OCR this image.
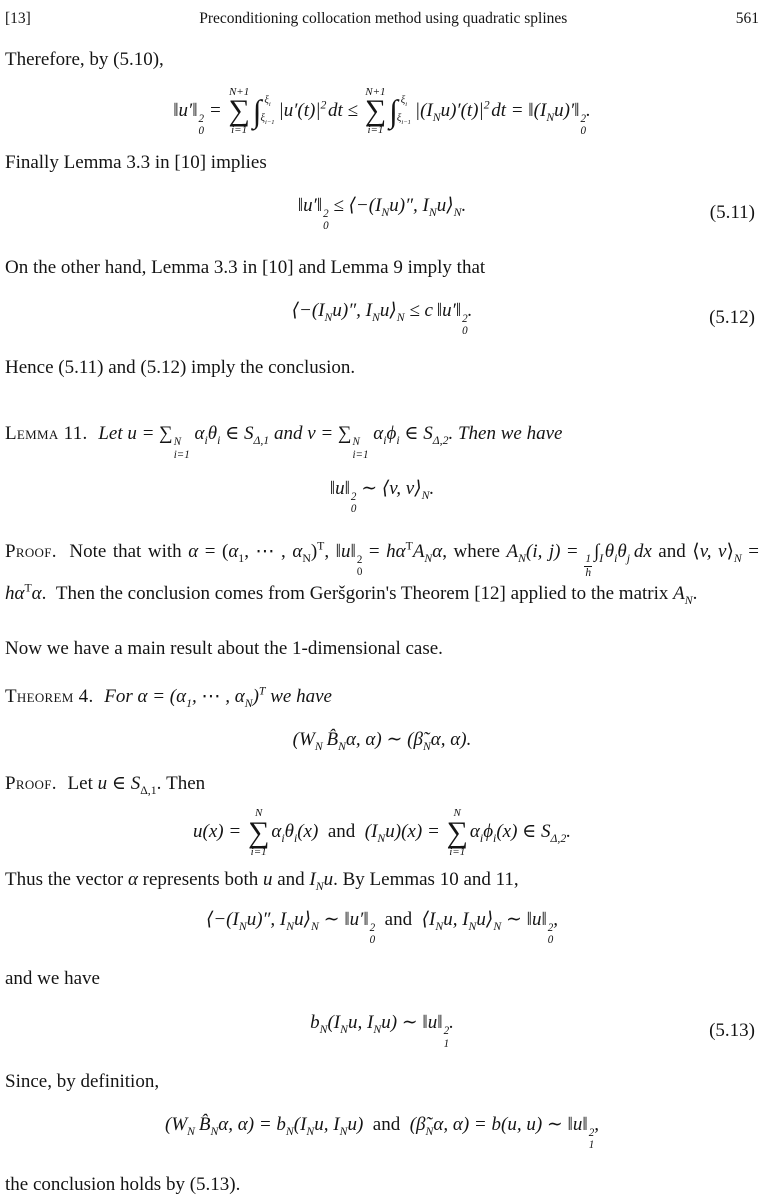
[13]	Preconditioning collocation method using quadratic splines	561

Therefore, by (5.10),

‖u′‖ 2
0
=
N+1
∑
i=1
∫ $\xi_i$
$\xi_{i-1}$
$|u'(t)|^2$ dt ≤
N+1
∑
i=1
∫ $\xi_i$
$\xi_{i-1}$
$|(I_Nu)'(t)|^2$ dt = $‖(I_Nu)'‖$ 2
0
.

Finally Lemma 3.3 in [10] implies

‖u′‖ 2
0
≤ $⟨-(I_Nu)''$, $I_Nu⟩_N$.	(5.11)

On the other hand, Lemma 3.3 in [10] and Lemma 9 imply that

$⟨-(I_Nu)''$, $I_Nu⟩_N \le c$ ‖u′‖ 2
0
.	(5.12)

Hence (5.11) and (5.12) imply the conclusion.

Lemma 11. Let u = ∑ N
i=1
$\alpha_i\theta_i$ ∈ $S_{\Delta,1}$ and v = ∑ N
i=1
$\alpha_i\phi_i$ ∈ $S_{\Delta,2}$. Then we have

‖u‖ 2
0
∼ ⟨v, $v⟩_N$.

Proof. Note that with $\alpha = (\alpha_1$, ⋯ , $\alpha_N)^T$, ‖u‖ 2
0
= $h\alpha^TA_N\alpha$, where $A_N(i$, j) =
$\frac{1}{h}$
$\int_I$ $\theta_i\theta_j$ dx and ⟨v, $v⟩_N = h\alpha^T\alpha$. Then the conclusion comes from Geršgorin's Theorem [12] applied to the matrix $A_N$.

Now we have a main result about the 1-dimensional case.

Theorem 4. For $\alpha = (\alpha_1$, ⋯ , $\alpha_N)^T$ we have

($W_N$ $B̂_N\alpha$, α) ∼ ($\betã_N\alpha$, α).

Proof. Let u ∈ $S_{\Delta,1}$. Then

u(x) =
N
∑
i=1
$\alpha_i\theta_i(x)$ and $(I_Nu)(x)$ =
N
∑
i=1
$\alpha_i\phi_i(x)$ ∈ $S_{\Delta,2}$.

Thus the vector α represents both u and $I_Nu$. By Lemmas 10 and 11,

$⟨-(I_Nu)''$, $I_Nu⟩_N$ ∼ ‖u′‖ 2
0
 and $⟨I_Nu$, $I_Nu⟩_N$ ∼ ‖u‖ 2
0
,

and we have

$b_N(I_Nu$, $I_Nu$) ∼ ‖u‖ 2
1
.	(5.13)

Since, by definition,

($W_N$ $B̂_N\alpha$, $\alpha) = b_N(I_Nu$, $I_Nu$) and ($\betã_N\alpha$, α) = b(u, u) ∼ ‖u‖ 2
1
,

the conclusion holds by (5.13).
